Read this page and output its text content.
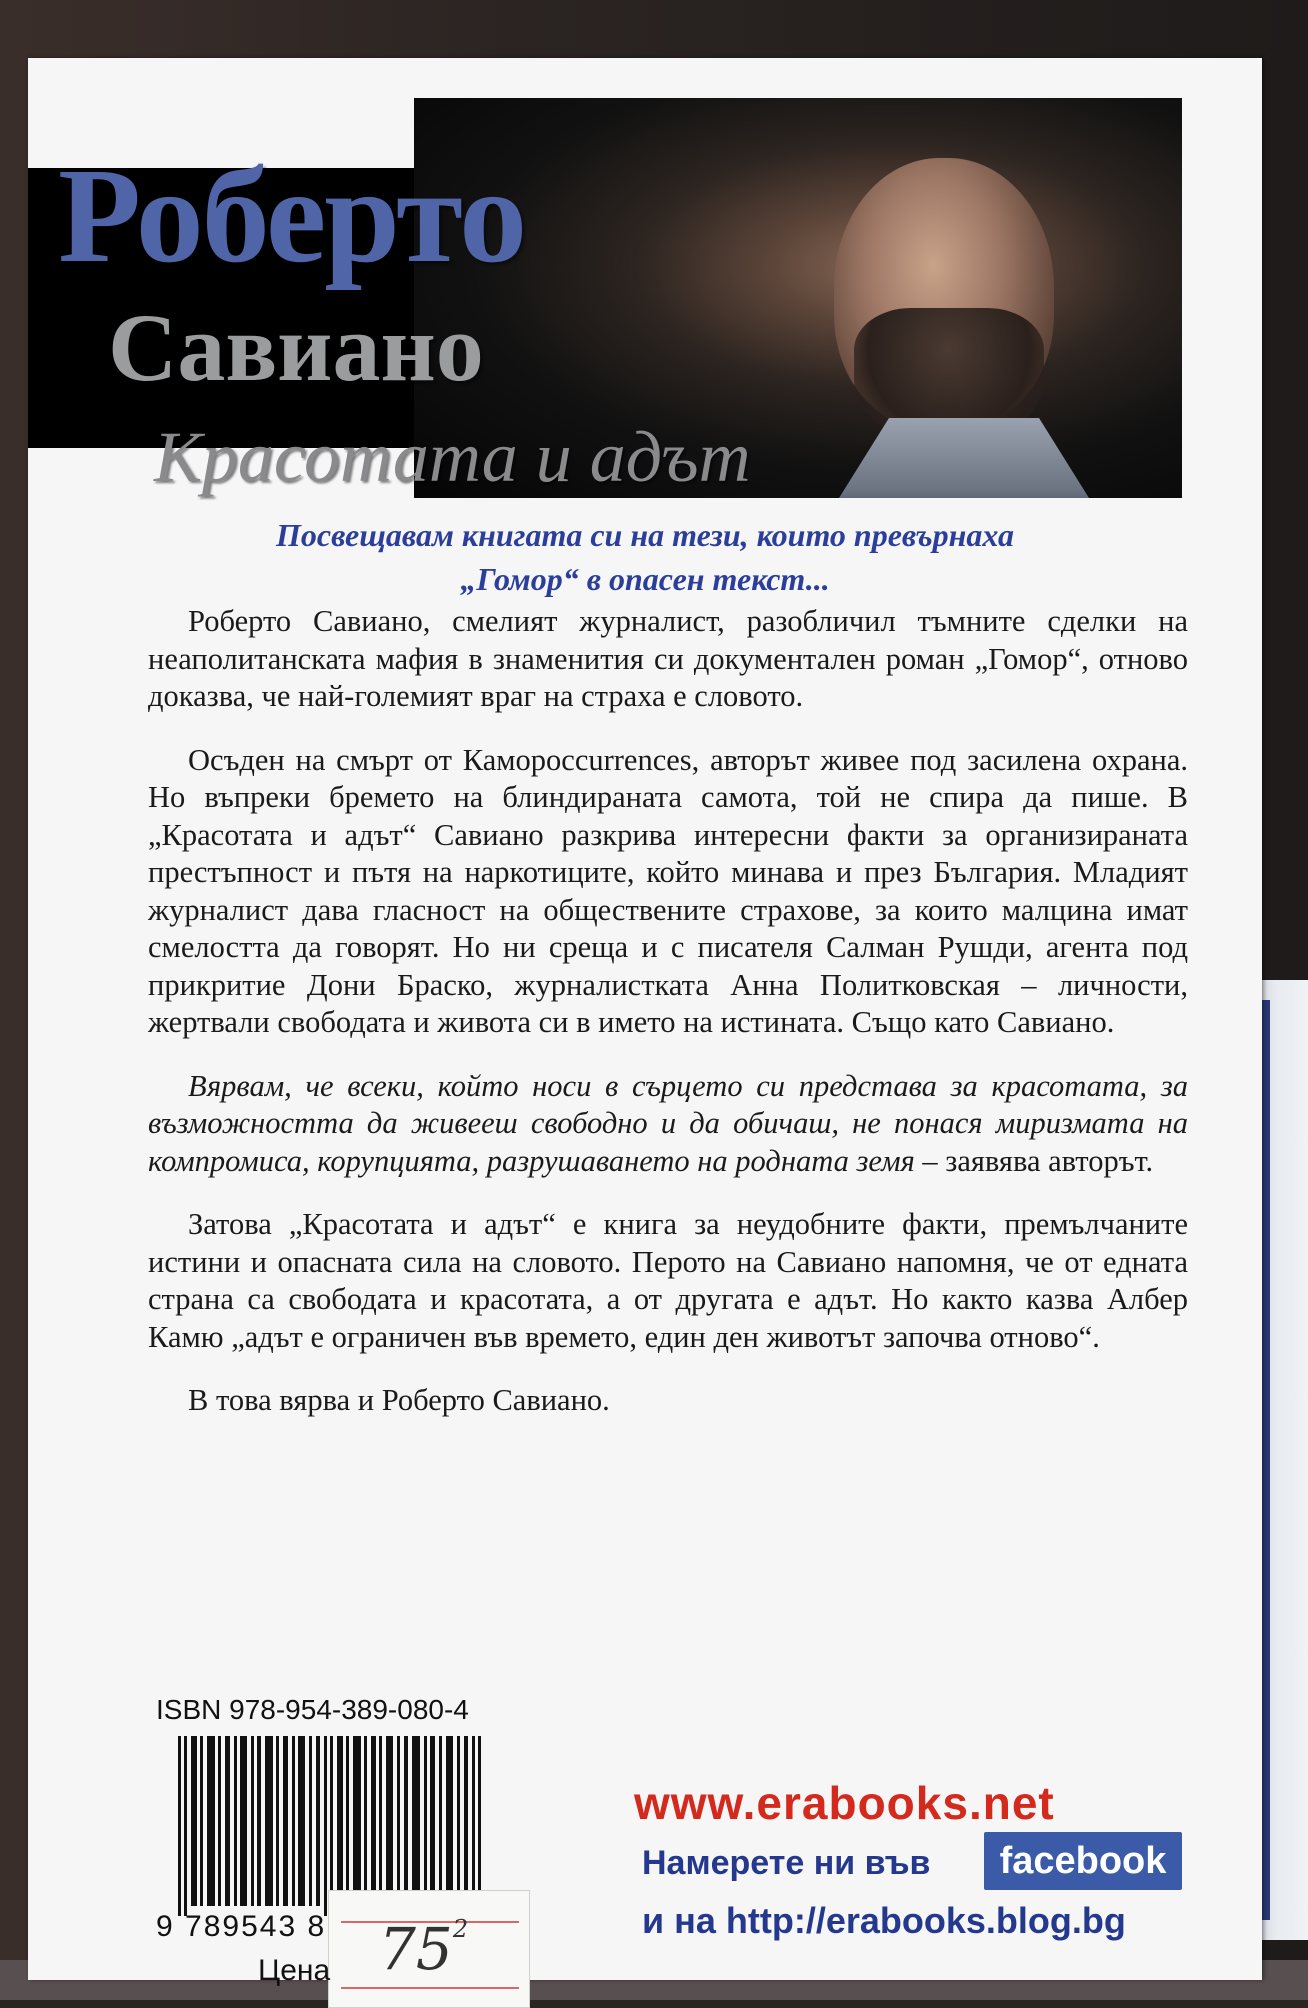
Роберто
Савиано
Красотата и адът
Посвещавам книгата си на тези, които превърнаха
„Гомор“ в опасен текст...

Роберто Савиано, смелият журналист, разобличил тъмните сделки на неаполитанската мафия в знаменития си документален роман „Гомор“, отново доказва, че най-големият враг на страха е словото.

Осъден на смърт от Каморoccurrences, авторът живее под засилена охрана. Но въпреки бремето на блиндираната самота, той не спира да пише. В „Красотата и адът“ Савиано разкрива интересни факти за организираната престъпност и пътя на наркотиците, който минава и през България. Младият журналист дава гласност на обществените страхове, за които малцина имат смелостта да говорят. Но ни среща и с писателя Салман Рушди, агента под прикритие Дони Браско, журналистката Анна Политковская – личности, жертвали свободата и живота си в името на истината. Също като Савиано.

Вярвам, че всеки, който носи в сърцето си представа за красотата, за възможността да живееш свободно и да обичаш, не понася миризмата на компромиса, корупцията, разрушаването на родната земя – заявява авторът.

Затова „Красотата и адът“ е книга за неудобните факти, премълчаните истини и опасната сила на словото. Перото на Савиано напомня, че от едната страна са свободата и красотата, а от другата е адът. Но както казва Албер Камю „адът е ограничен във времето, един ден животът започва отново“.

В това вярва и Роберто Савиано.

ISBN 978-954-389-080-4
9 789543 8 $75^2$
Цена
www.erabooks.net
Намерете ни във	facebook
и на http://erabooks.blog.bg
